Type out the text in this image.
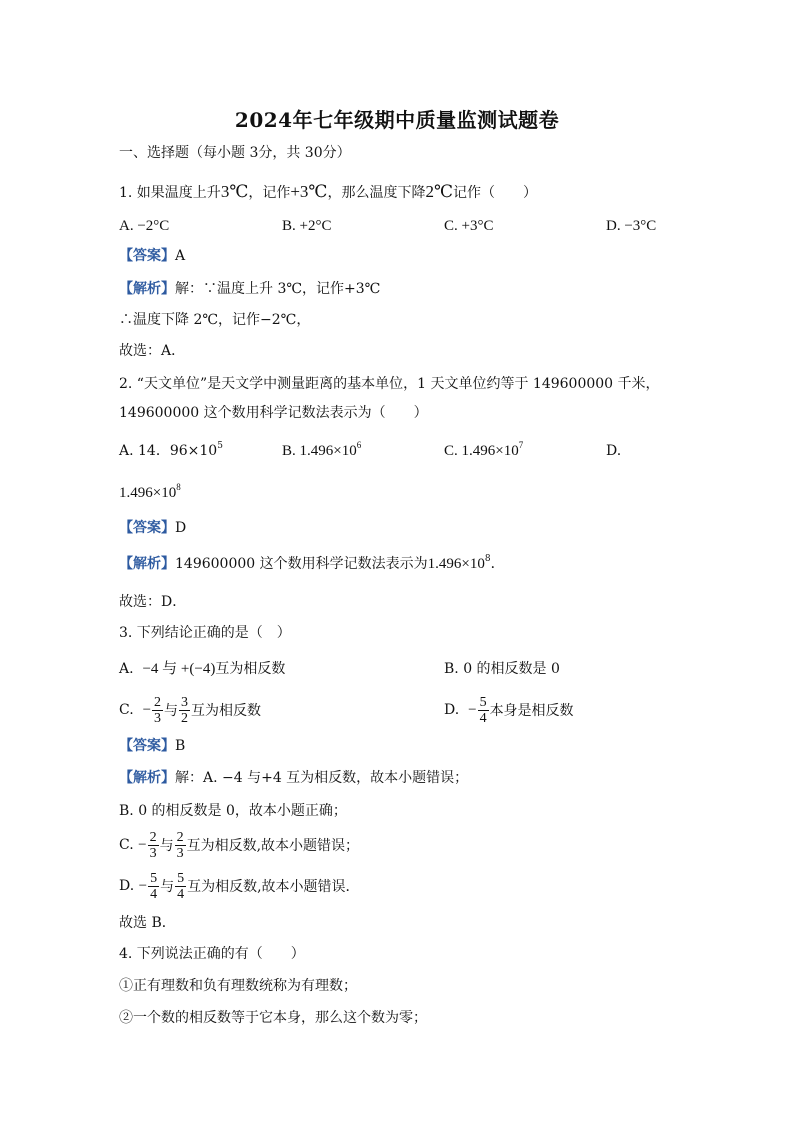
2024年七年级期中质量监测试题卷
一、选择题（每小题 3分，共 30分）
1. 如果温度上升3℃，记作+3℃，那么温度下降2℃记作（　　）
A. −2°C	B. +2°C	C. +3°C	D. −3°C
【答案】A
【解析】解：∵温度上升 3℃，记作+3℃
∴温度下降 2℃，记作−2℃，
故选：A．
2. “天文单位”是天文学中测量距离的基本单位，1 天文单位约等于 149600000 千米，
149600000 这个数用科学记数法表示为（　　）
A. 14．$96\times 10^5$	B. $1.496\times 10^6$	C. $1.496\times 10^7$	D.
$1.496\times 10^8$
【答案】D
【解析】149600000 这个数用科学记数法表示为$1.496\times 10^8$．
故选：D．
3. 下列结论正确的是（　）
A. −4 与 +(−4)互为相反数	B. 0 的相反数是 0
C.
− $\frac{2}{3}$ 与 $\frac{3}{2}$ 互为相反数	D.
− $\frac{5}{4}$ 本身是相反数
【答案】B
【解析】解：A. −4 与+4 互为相反数，故本小题错误；
B. 0 的相反数是 0，故本小题正确；
C.
− $\frac{2}{3}$ 与 $\frac{2}{3}$ 互为相反数,故本小题错误；
D.
− $\frac{5}{4}$ 与 $\frac{5}{4}$ 互为相反数,故本小题错误．
故选 B．
4. 下列说法正确的有（　　）
①正有理数和负有理数统称为有理数；
②一个数的相反数等于它本身，那么这个数为零；
